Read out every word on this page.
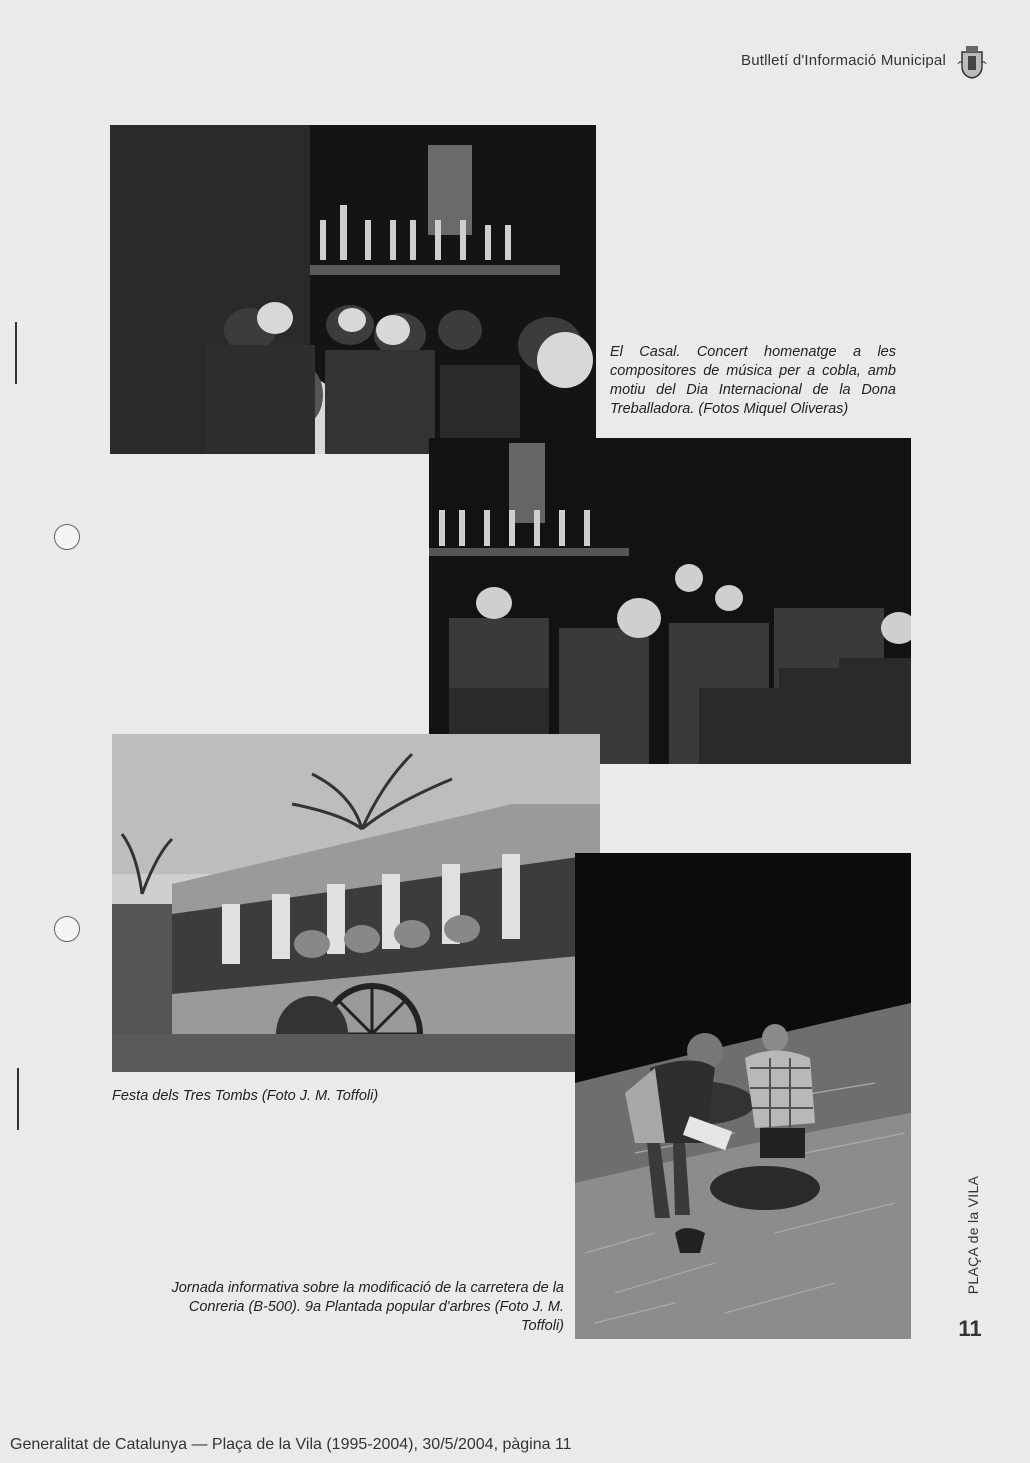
Butlletí d'Informació Municipal
El Casal. Concert homenatge a les compositores de música per a cobla, amb motiu del Dia Internacional de la Dona Treballadora. (Fotos Miquel Oliveras)
Festa dels Tres Tombs (Foto J. M. Toffoli)
Jornada informativa sobre la modificació de la carretera de la Conreria (B-500). 9a Plantada popular d'arbres (Foto J. M. Toffoli)
PLAÇA de la VILA
11
Generalitat de Catalunya — Plaça de la Vila (1995-2004), 30/5/2004, pàgina 11
